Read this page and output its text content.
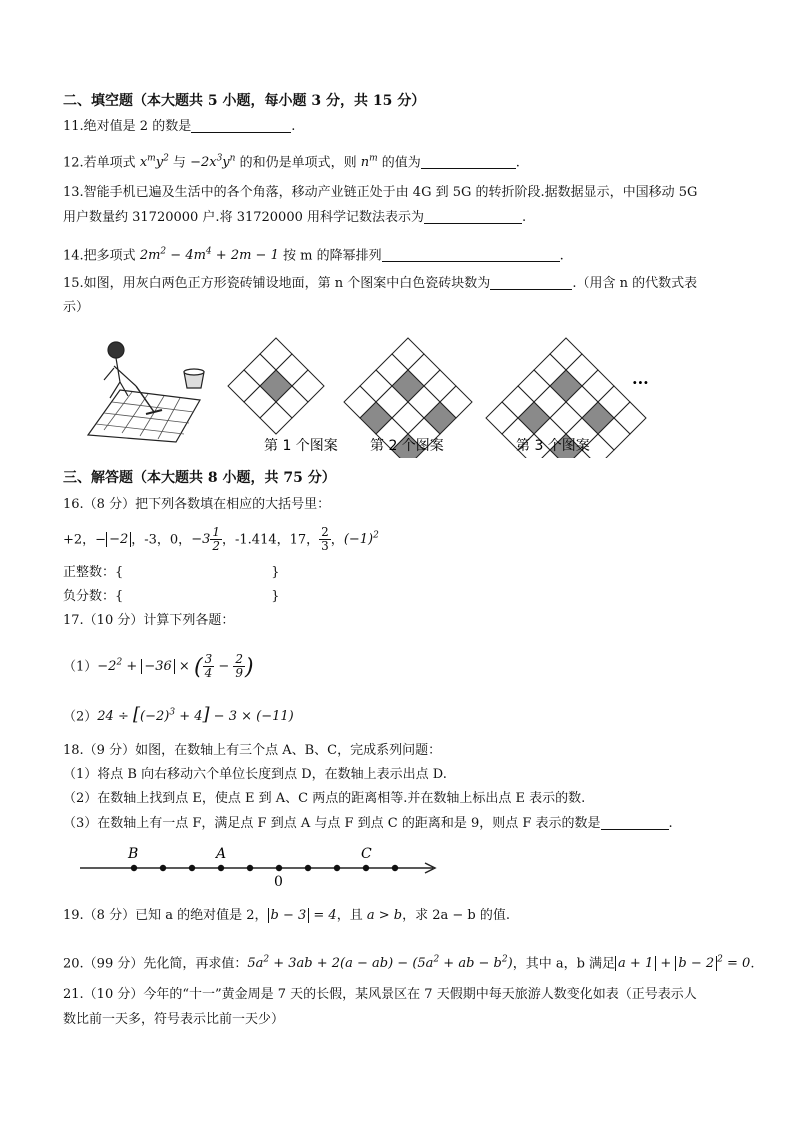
二、填空题（本大题共 5 小题，每小题 3 分，共 15 分）
11.绝对值是 2 的数是	.
12.若单项式 $x^my^2$ 与 $-2x^3y^n$ 的和仍是单项式，则 $n^m$ 的值为	.
13.智能手机已遍及生活中的各个角落，移动产业链正处于由 4G 到 5G 的转折阶段.据数据显示，中国移动 5G
用户数量约 31720000 户.将 31720000 用科学记数法表示为	.
14.把多项式 $2m^2 - 4m^4 + 2m - 1$ 按 m 的降幂排列	.
15.如图，用灰白两色正方形瓷砖铺设地面，第 n 个图案中白色瓷砖块数为	.（用含 n 的代数式表
示）
第 1 个图案 第 2 个图案	第 3 个图案
···
三、解答题（本大题共 8 小题，共 75 分）
16.（8 分）把下列各数填在相应的大括号里：
+2，− −2 ，-3，0，$-3 \frac{1}{2}$ ，-1.414，17， $\frac{2}{3}$ ，$(-1)^2$
正整数：{	}
负分数：{	}
17.（10 分）计算下列各题：
$(1)-2^2 + -36$ × ( $\frac{3}{4} - \frac{2}{9}$ )
$(2)24 \div [(-2)^3 + 4] - 3 \times (-11)$
18.（9 分）如图，在数轴上有三个点 A、B、C，完成系列问题：
（1）将点 B 向右移动六个单位长度到点 D，在数轴上表示出点 D.
（2）在数轴上找到点 E，使点 E 到 A、C 两点的距离相等.并在数轴上标出点 E 表示的数.
（3）在数轴上有一点 F，满足点 F 到点 A 与点 F 到点 C 的距离和是 9，则点 F 表示的数是	.
B	A	C
0
19.（8 分）已知 a 的绝对值是 2， b − 3 = 4，且 a > b，求 2a − b 的值.
20.（99 分）先化简，再求值：$5a^2 + 3ab + 2(a - ab) - (5a^2$ + ab − $b^2$)，其中 a，b 满足 a + 1 + b − 2 $^2$ = 0.
21.（10 分）今年的“十一”黄金周是 7 天的长假，某风景区在 7 天假期中每天旅游人数变化如表（正号表示人
数比前一天多，符号表示比前一天少）
